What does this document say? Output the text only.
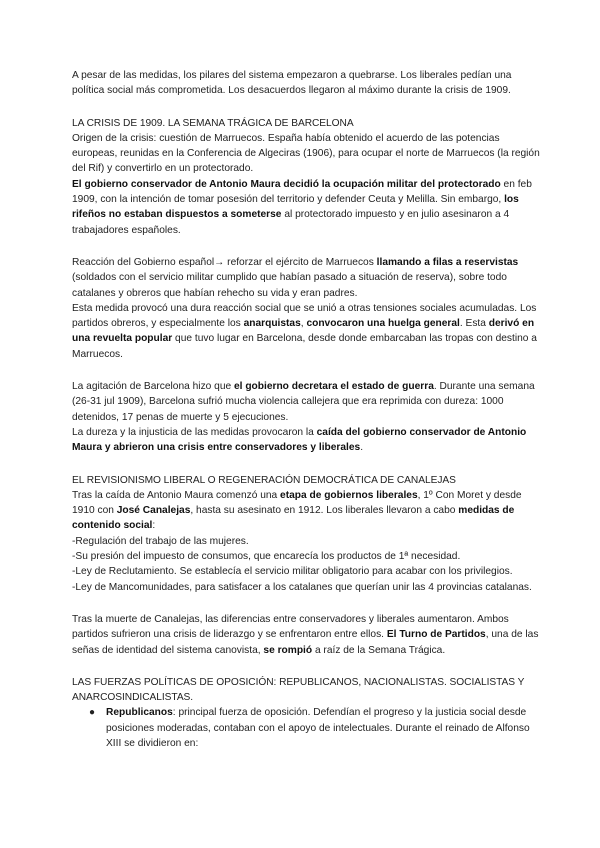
A pesar de las medidas, los pilares del sistema empezaron a quebrarse. Los liberales pedían una política social más comprometida. Los desacuerdos llegaron al máximo durante la crisis de 1909.

LA CRISIS DE 1909. LA SEMANA TRÁGICA DE BARCELONA

Origen de la crisis: cuestión de Marruecos. España había obtenido el acuerdo de las potencias europeas, reunidas en la Conferencia de Algeciras (1906), para ocupar el norte de Marruecos (la región del Rif) y convertirlo en un protectorado.

El gobierno conservador de Antonio Maura decidió la ocupación militar del protectorado en feb 1909, con la intención de tomar posesión del territorio y defender Ceuta y Melilla. Sin embargo, los rifeños no estaban dispuestos a someterse al protectorado impuesto y en julio asesinaron a 4 trabajadores españoles.

Reacción del Gobierno español→ reforzar el ejército de Marruecos llamando a filas a reservistas (soldados con el servicio militar cumplido que habían pasado a situación de reserva), sobre todo catalanes y obreros que habían rehecho su vida y eran padres.

Esta medida provocó una dura reacción social que se unió a otras tensiones sociales acumuladas. Los partidos obreros, y especialmente los anarquistas, convocaron una huelga general. Esta derivó en una revuelta popular que tuvo lugar en Barcelona, desde donde embarcaban las tropas con destino a Marruecos.

La agitación de Barcelona hizo que el gobierno decretara el estado de guerra. Durante una semana (26-31 jul 1909), Barcelona sufrió mucha violencia callejera que era reprimida con dureza: 1000 detenidos, 17 penas de muerte y 5 ejecuciones.

La dureza y la injusticia de las medidas provocaron la caída del gobierno conservador de Antonio Maura y abrieron una crisis entre conservadores y liberales.

EL REVISIONISMO LIBERAL O REGENERACIÓN DEMOCRÁTICA DE CANALEJAS

Tras la caída de Antonio Maura comenzó una etapa de gobiernos liberales, 1º Con Moret y desde 1910 con José Canalejas, hasta su asesinato en 1912. Los liberales llevaron a cabo medidas de contenido social:

-Regulación del trabajo de las mujeres.

-Su presión del impuesto de consumos, que encarecía los productos de 1ª necesidad.

-Ley de Reclutamiento. Se establecía el servicio militar obligatorio para acabar con los privilegios.

-Ley de Mancomunidades, para satisfacer a los catalanes que querían unir las 4 provincias catalanas.

Tras la muerte de Canalejas, las diferencias entre conservadores y liberales aumentaron. Ambos partidos sufrieron una crisis de liderazgo y se enfrentaron entre ellos. El Turno de Partidos, una de las señas de identidad del sistema canovista, se rompió a raíz de la Semana Trágica.

LAS FUERZAS POLÍTICAS DE OPOSICIÓN: REPUBLICANOS, NACIONALISTAS. SOCIALISTAS Y ANARCOSINDICALISTAS.

● Republicanos: principal fuerza de oposición. Defendían el progreso y la justicia social desde posiciones moderadas, contaban con el apoyo de intelectuales. Durante el reinado de Alfonso XIII se dividieron en:
